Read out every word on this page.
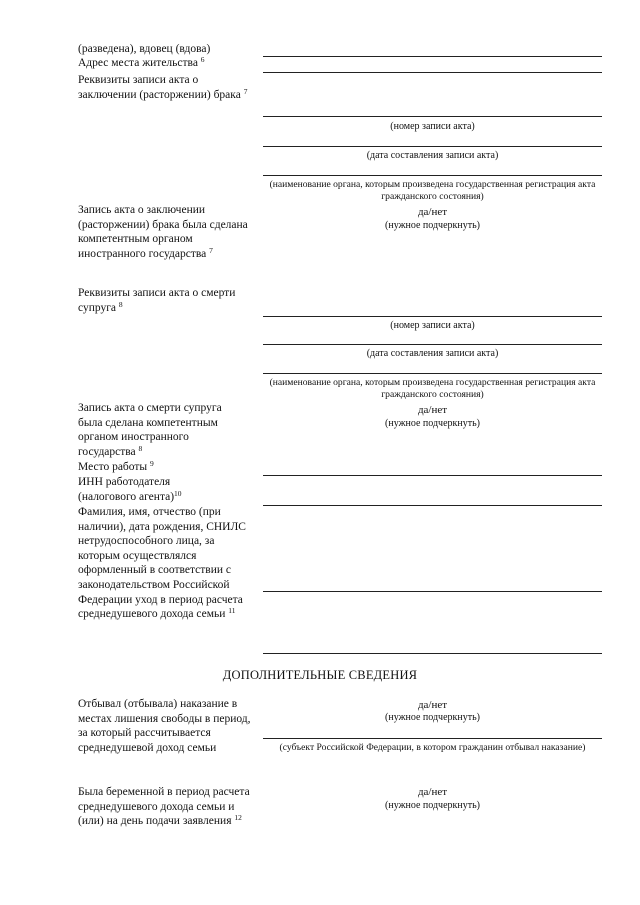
(разведена), вдовец (вдова)
Адрес места жительства $^6$
Реквизиты записи акта о заключении (расторжении) брака $^7$
Запись акта о заключении (расторжении) брака была сделана компетентным органом иностранного государства $^7$
Реквизиты записи акта о смерти супруга $^8$
Запись акта о смерти супруга была сделана компетентным органом иностранного государства $^8$
Место работы $^9$
ИНН работодателя (налогового агента)$^{10}$
Фамилия, имя, отчество (при наличии), дата рождения, СНИЛС нетрудоспособного лица, за которым осуществлялся оформленный в соответствии с законодательством Российской Федерации уход в период расчета среднедушевого дохода семьи $^{11}$
Отбывал (отбывала) наказание в местах лишения свободы в период, за который рассчитывается среднедушевой доход семьи
Была беременной в период расчета среднедушевого дохода семьи и (или) на день подачи заявления $^{12}$
(номер записи акта)
(дата составления записи акта)
(наименование органа, которым произведена государственная регистрация акта гражданского состояния)
да/нет
(нужное подчеркнуть)
(номер записи акта)
(дата составления записи акта)
(наименование органа, которым произведена государственная регистрация акта гражданского состояния)
да/нет
(нужное подчеркнуть)
ДОПОЛНИТЕЛЬНЫЕ СВЕДЕНИЯ
да/нет
(нужное подчеркнуть)
(субъект Российской Федерации, в котором гражданин отбывал наказание)
да/нет
(нужное подчеркнуть)
